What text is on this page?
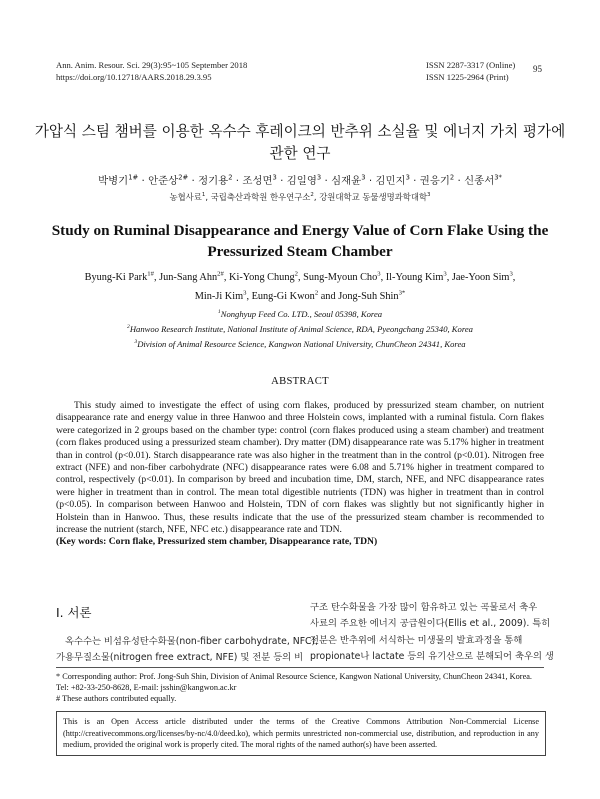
Ann. Anim. Resour. Sci. 29(3):95~105 September 2018
https://doi.org/10.12718/AARS.2018.29.3.95
ISSN 2287-3317 (Online)
ISSN 1225-2964 (Print)
95
가압식 스팀 챔버를 이용한 옥수수 후레이크의 반추위 소실율 및 에너지 가치 평가에
관한 연구
박병기$^{1\#}$ · 안준상$^{2\#}$ · 정기용$^2$ · 조성면$^3$ · 김일영$^3$ · 심재윤$^3$ · 김민지$^3$ · 권응기$^2$ · 신종서$^{3*}$
농협사료$^1$, 국립축산과학원 한우연구소$^2$, 강원대학교 동물생명과학대학$^3$
Study on Ruminal Disappearance and Energy Value of Corn Flake Using the
Pressurized Steam Chamber
Byung-Ki Park$^{1\#}$, Jun-Sang Ahn$^{2\#}$, Ki-Yong Chung$^2$, Sung-Myoun Cho$^3$, Il-Young Kim$^3$, Jae-Yoon Sim$^3$,
Min-Ji Kim$^3$, Eung-Gi Kwon$^2$ and Jong-Suh Shin$^{3*}$
$^1$Nonghyup Feed Co. LTD., Seoul 05398, Korea
$^2$Hanwoo Research Institute, National Institute of Animal Science, RDA, Pyeongchang 25340, Korea
$^3$Division of Animal Resource Science, Kangwon National University, ChunCheon 24341, Korea
ABSTRACT

This study aimed to investigate the effect of using corn flakes, produced by pressurized steam chamber, on nutrient disappearance rate and energy value in three Hanwoo and three Holstein cows, implanted with a ruminal fistula. Corn flakes were categorized in 2 groups based on the chamber type: control (corn flakes produced using a steam chamber) and treatment (corn flakes produced using a pressurized steam chamber). Dry matter (DM) disappearance rate was 5.17% higher in treatment than in control (p<0.01). Starch disappearance rate was also higher in the treatment than in the control (p<0.01). Nitrogen free extract (NFE) and non-fiber carbohydrate (NFC) disappearance rates were 6.08 and 5.71% higher in treatment compared to control, respectively (p<0.01). In comparison by breed and incubation time, DM, starch, NFE, and NFC disappearance rates were higher in treatment than in control. The mean total digestible nutrients (TDN) was higher in treatment than in control (p<0.05). In comparison between Hanwoo and Holstein, TDN of corn flakes was slightly but not significantly higher in Holstein than in Hanwoo. Thus, these results indicate that the use of the pressurized steam chamber is recommended to increase the nutrient (starch, NFE, NFC etc.) disappearance rate and TDN.

(Key words: Corn flake, Pressurized stem chamber, Disappearance rate, TDN)
Ⅰ. 서론
옥수수는 비섬유성탄수화물(non-fiber carbohydrate, NFC),
가용무질소물(nitrogen free extract, NFE) 및 전분 등의 비
구조 탄수화물을 가장 많이 함유하고 있는 곡물로서 축우
사료의 주요한 에너지 공급원이다(Ellis et al., 2009). 특히
전분은 반추위에 서식하는 미생물의 발효과정을 통해
propionate나 lactate 등의 유기산으로 분해되어 축우의 생
* Corresponding author: Prof. Jong-Suh Shin, Division of Animal Resource Science, Kangwon National University, ChunCheon 24341, Korea. Tel: +82-33-250-8628, E-mail: jsshin@kangwon.ac.kr
# These authors contributed equally.
This is an Open Access article distributed under the terms of the Creative Commons Attribution Non-Commercial License (http://creativecommons.org/licenses/by-nc/4.0/deed.ko), which permits unrestricted non-commercial use, distribution, and reproduction in any medium, provided the original work is properly cited. The moral rights of the named author(s) have been asserted.
